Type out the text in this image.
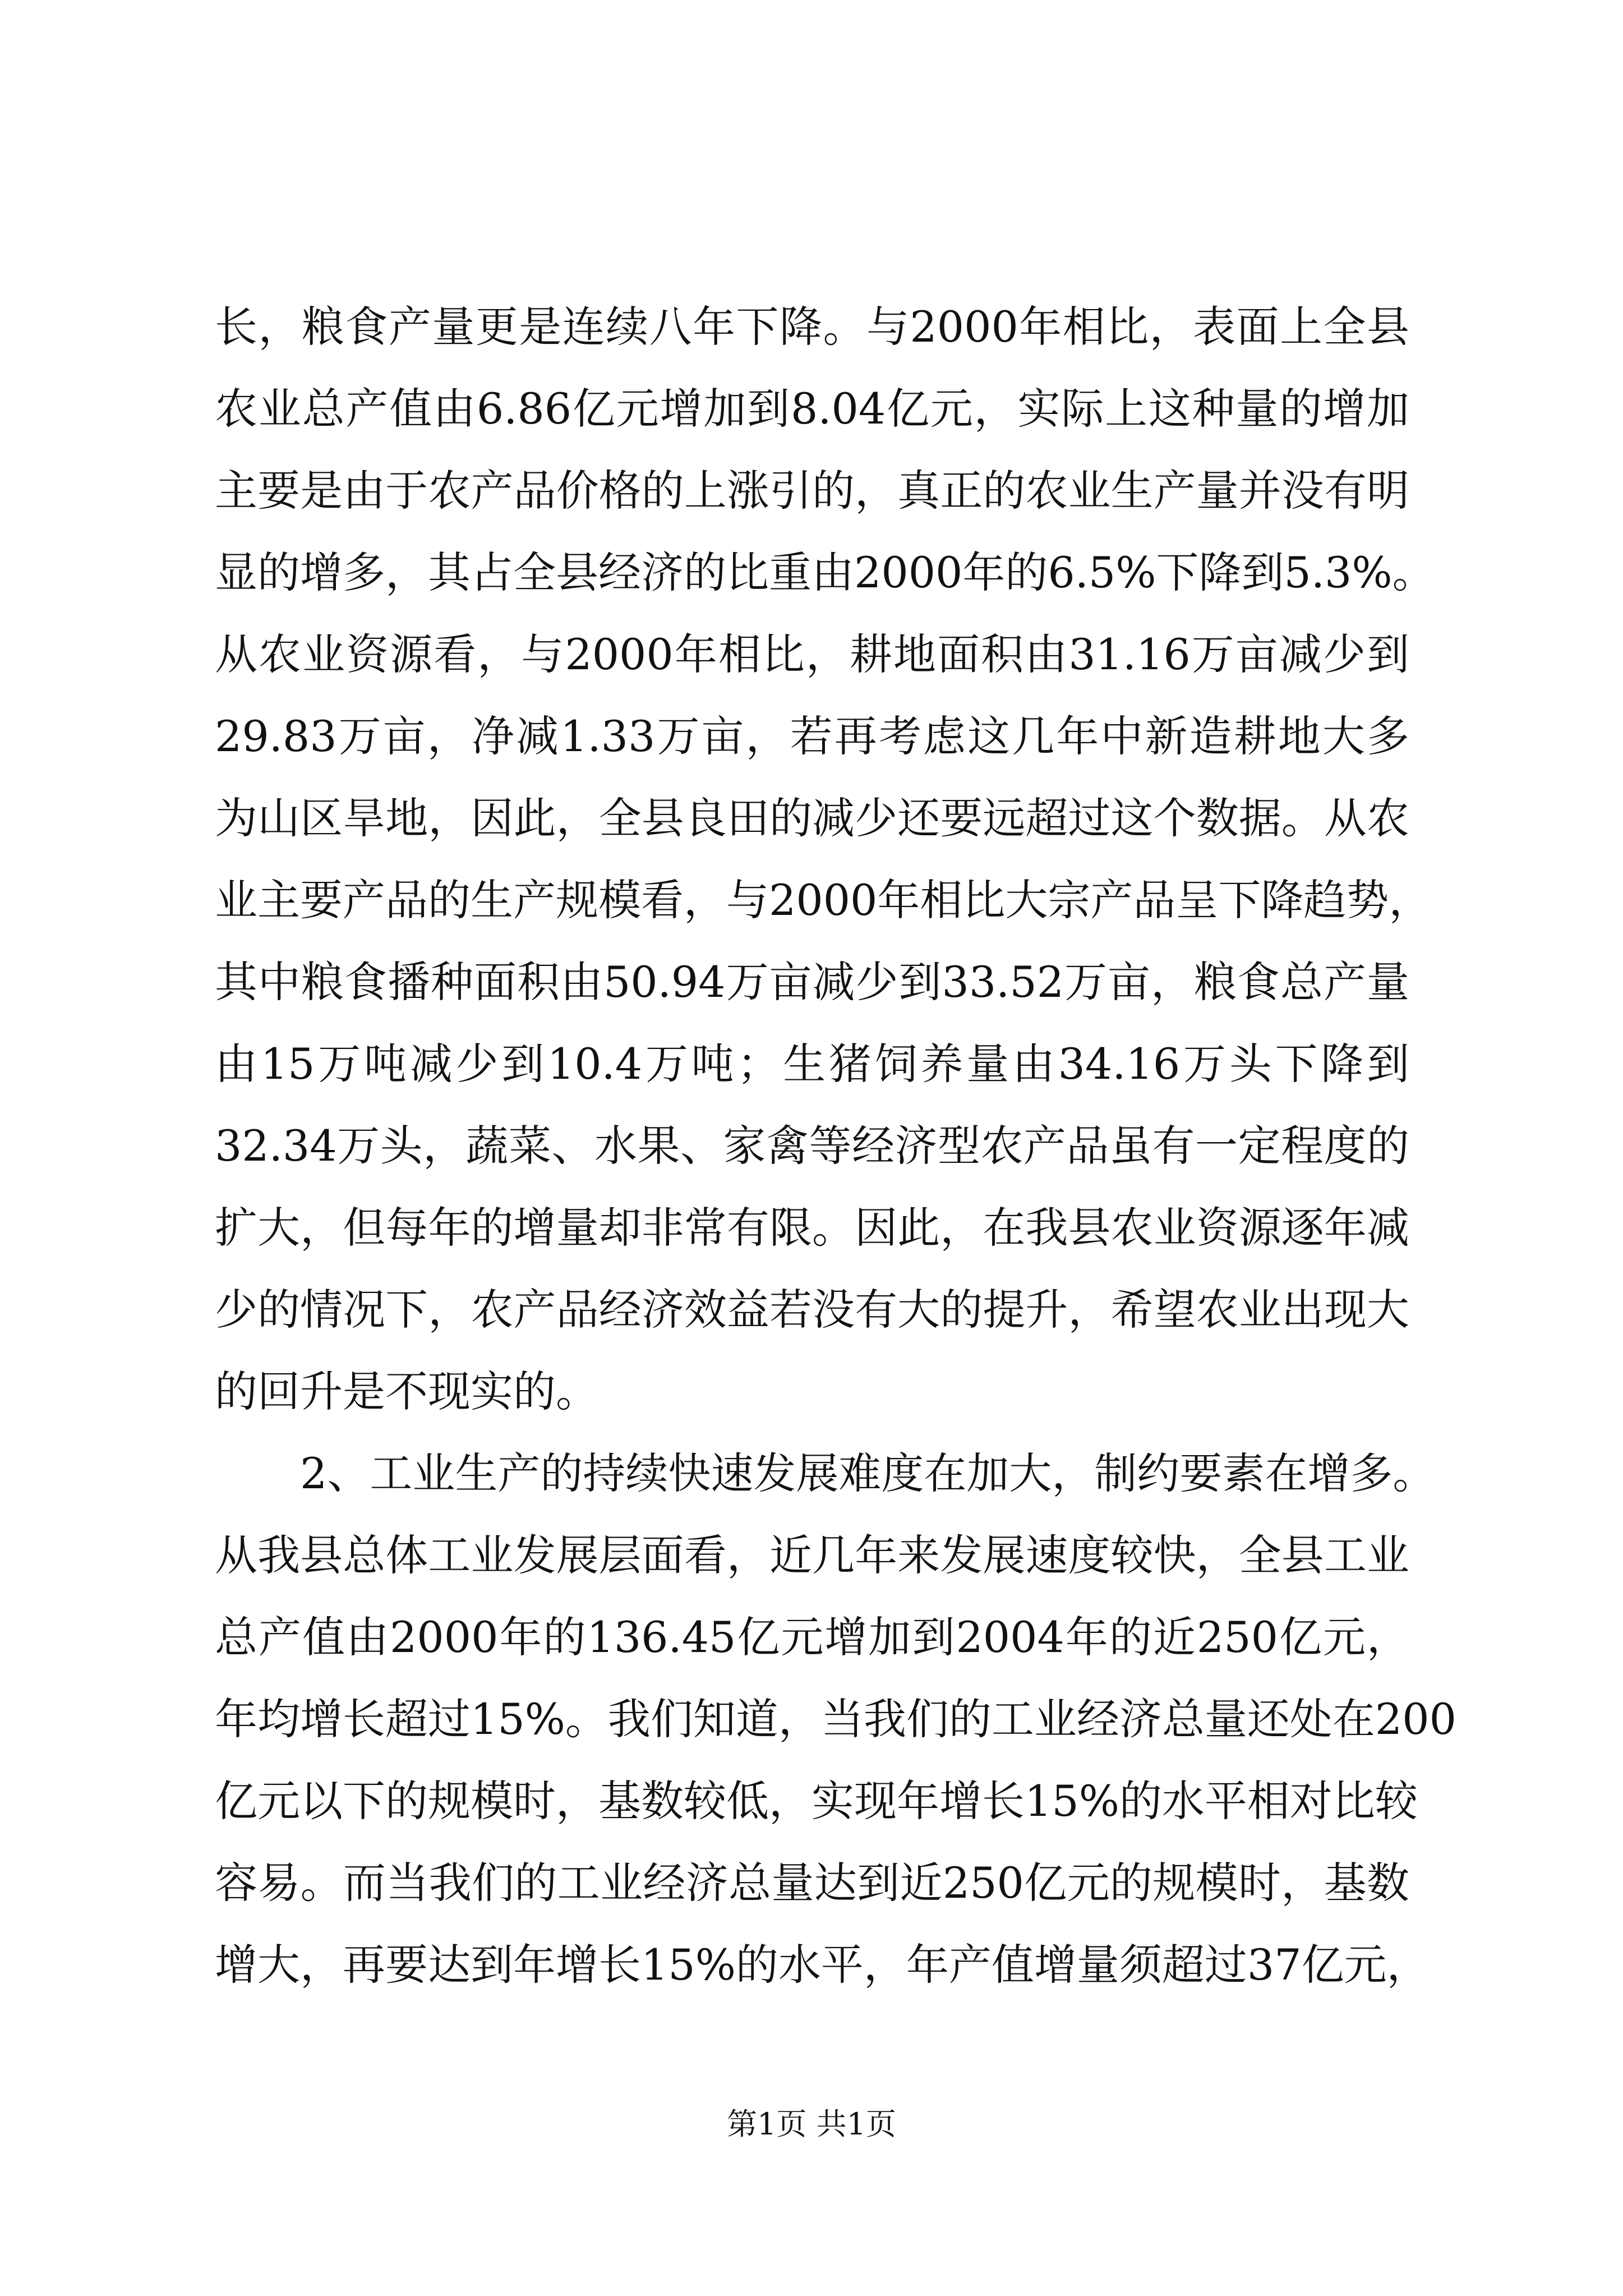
长，粮食产量更是连续八年下降。与2000年相比，表面上全县
农业总产值由6.86亿元增加到8.04亿元，实际上这种量的增加
主要是由于农产品价格的上涨引的，真正的农业生产量并没有明
显的增多，其占全县经济的比重由2000年的6.5%下降到5.3%。
从农业资源看，与2000年相比，耕地面积由31.16万亩减少到
29.83万亩，净减1.33万亩，若再考虑这几年中新造耕地大多
为山区旱地，因此，全县良田的减少还要远超过这个数据。从农
业主要产品的生产规模看，与2000年相比大宗产品呈下降趋势，
其中粮食播种面积由50.94万亩减少到33.52万亩，粮食总产量
由15万吨减少到10.4万吨；生猪饲养量由34.16万头下降到
32.34万头，蔬菜、水果、家禽等经济型农产品虽有一定程度的
扩大，但每年的增量却非常有限。因此，在我县农业资源逐年减
少的情况下，农产品经济效益若没有大的提升，希望农业出现大
的回升是不现实的。
2、工业生产的持续快速发展难度在加大，制约要素在增多。
从我县总体工业发展层面看，近几年来发展速度较快，全县工业
总产值由2000年的136.45亿元增加到2004年的近250亿元，
年均增长超过15%。我们知道，当我们的工业经济总量还处在200
亿元以下的规模时，基数较低，实现年增长15%的水平相对比较
容易。而当我们的工业经济总量达到近250亿元的规模时，基数
增大，再要达到年增长15%的水平，年产值增量须超过37亿元，
第1页 共1页
